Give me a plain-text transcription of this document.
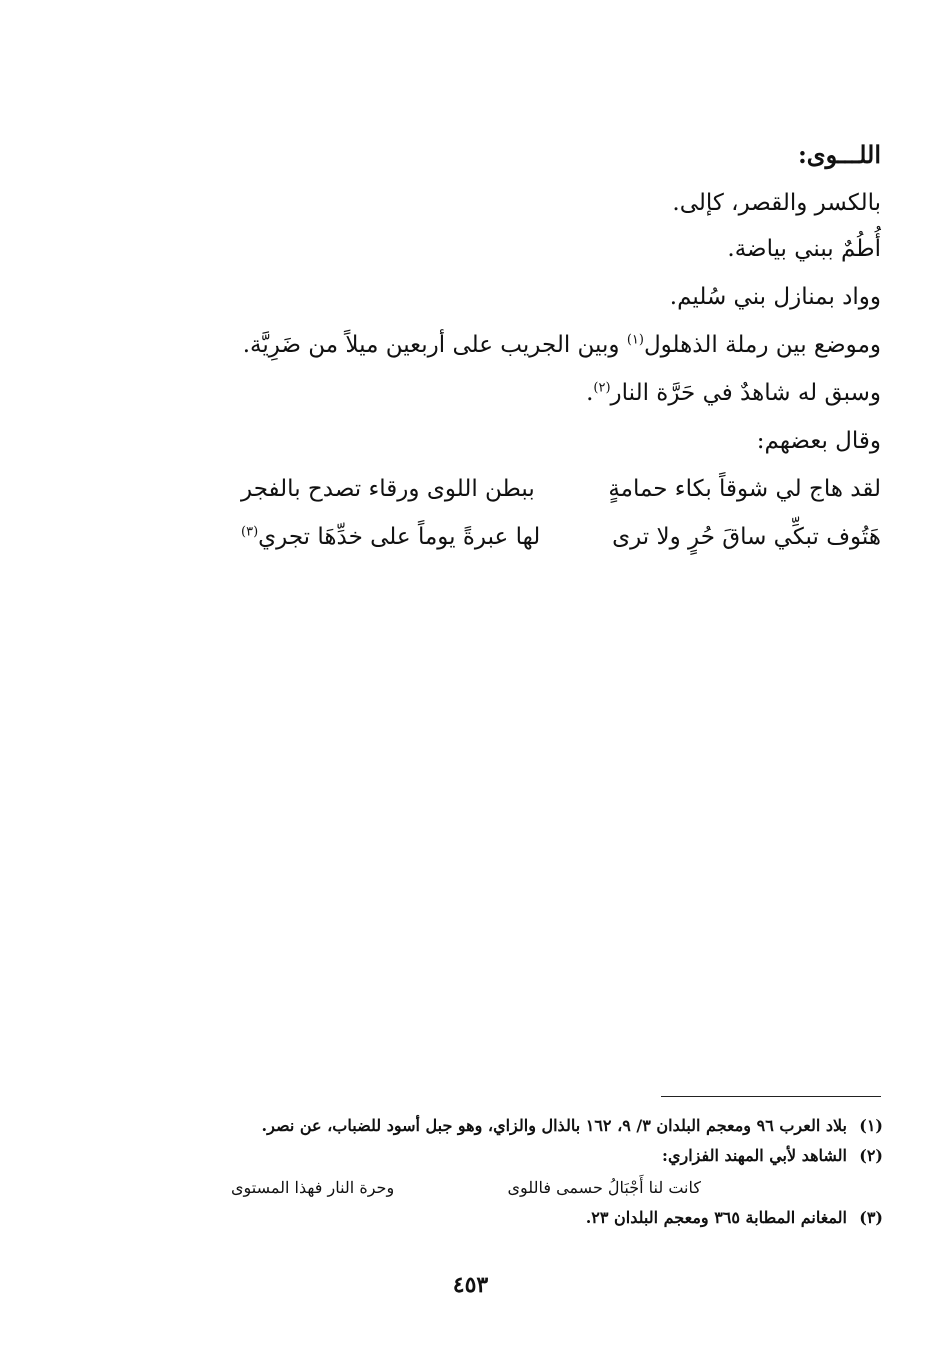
اللـــوى:
بالكسر والقصر، كإلى.
أُطُمٌ ببني بياضة.
وواد بمنازل بني سُليم.
وموضع بين رملة الذهلول$^{(١)}$ وبين الجريب على أربعين ميلاً من ضَرِيَّة.
وسبق له شاهدٌ في حَرَّة النار$^{(٢)}$.
وقال بعضهم:
لقد هاج لي شوقاً بكاء حمامةٍ
ببطن اللوى ورقاء تصدح بالفجر
هَتُوف تبكِّي ساقَ حُرٍ ولا ترى
لها عبرةً يوماً على خدِّهَا تجري$^{(٣)}$
(١)بلاد العرب ٩٦ ومعجم البلدان ٣/ ٩، ١٦٢ بالذال والزاي، وهو جبل أسود للضباب، عن نصر.
(٢)الشاهد لأبي المهند الفزاري:
كانت لنا أَجْبَالُ حسمى فاللوى
وحرة النار فهذا المستوى
(٣)المغانم المطابة ٣٦٥ ومعجم البلدان ٢٣.
٤٥٣
